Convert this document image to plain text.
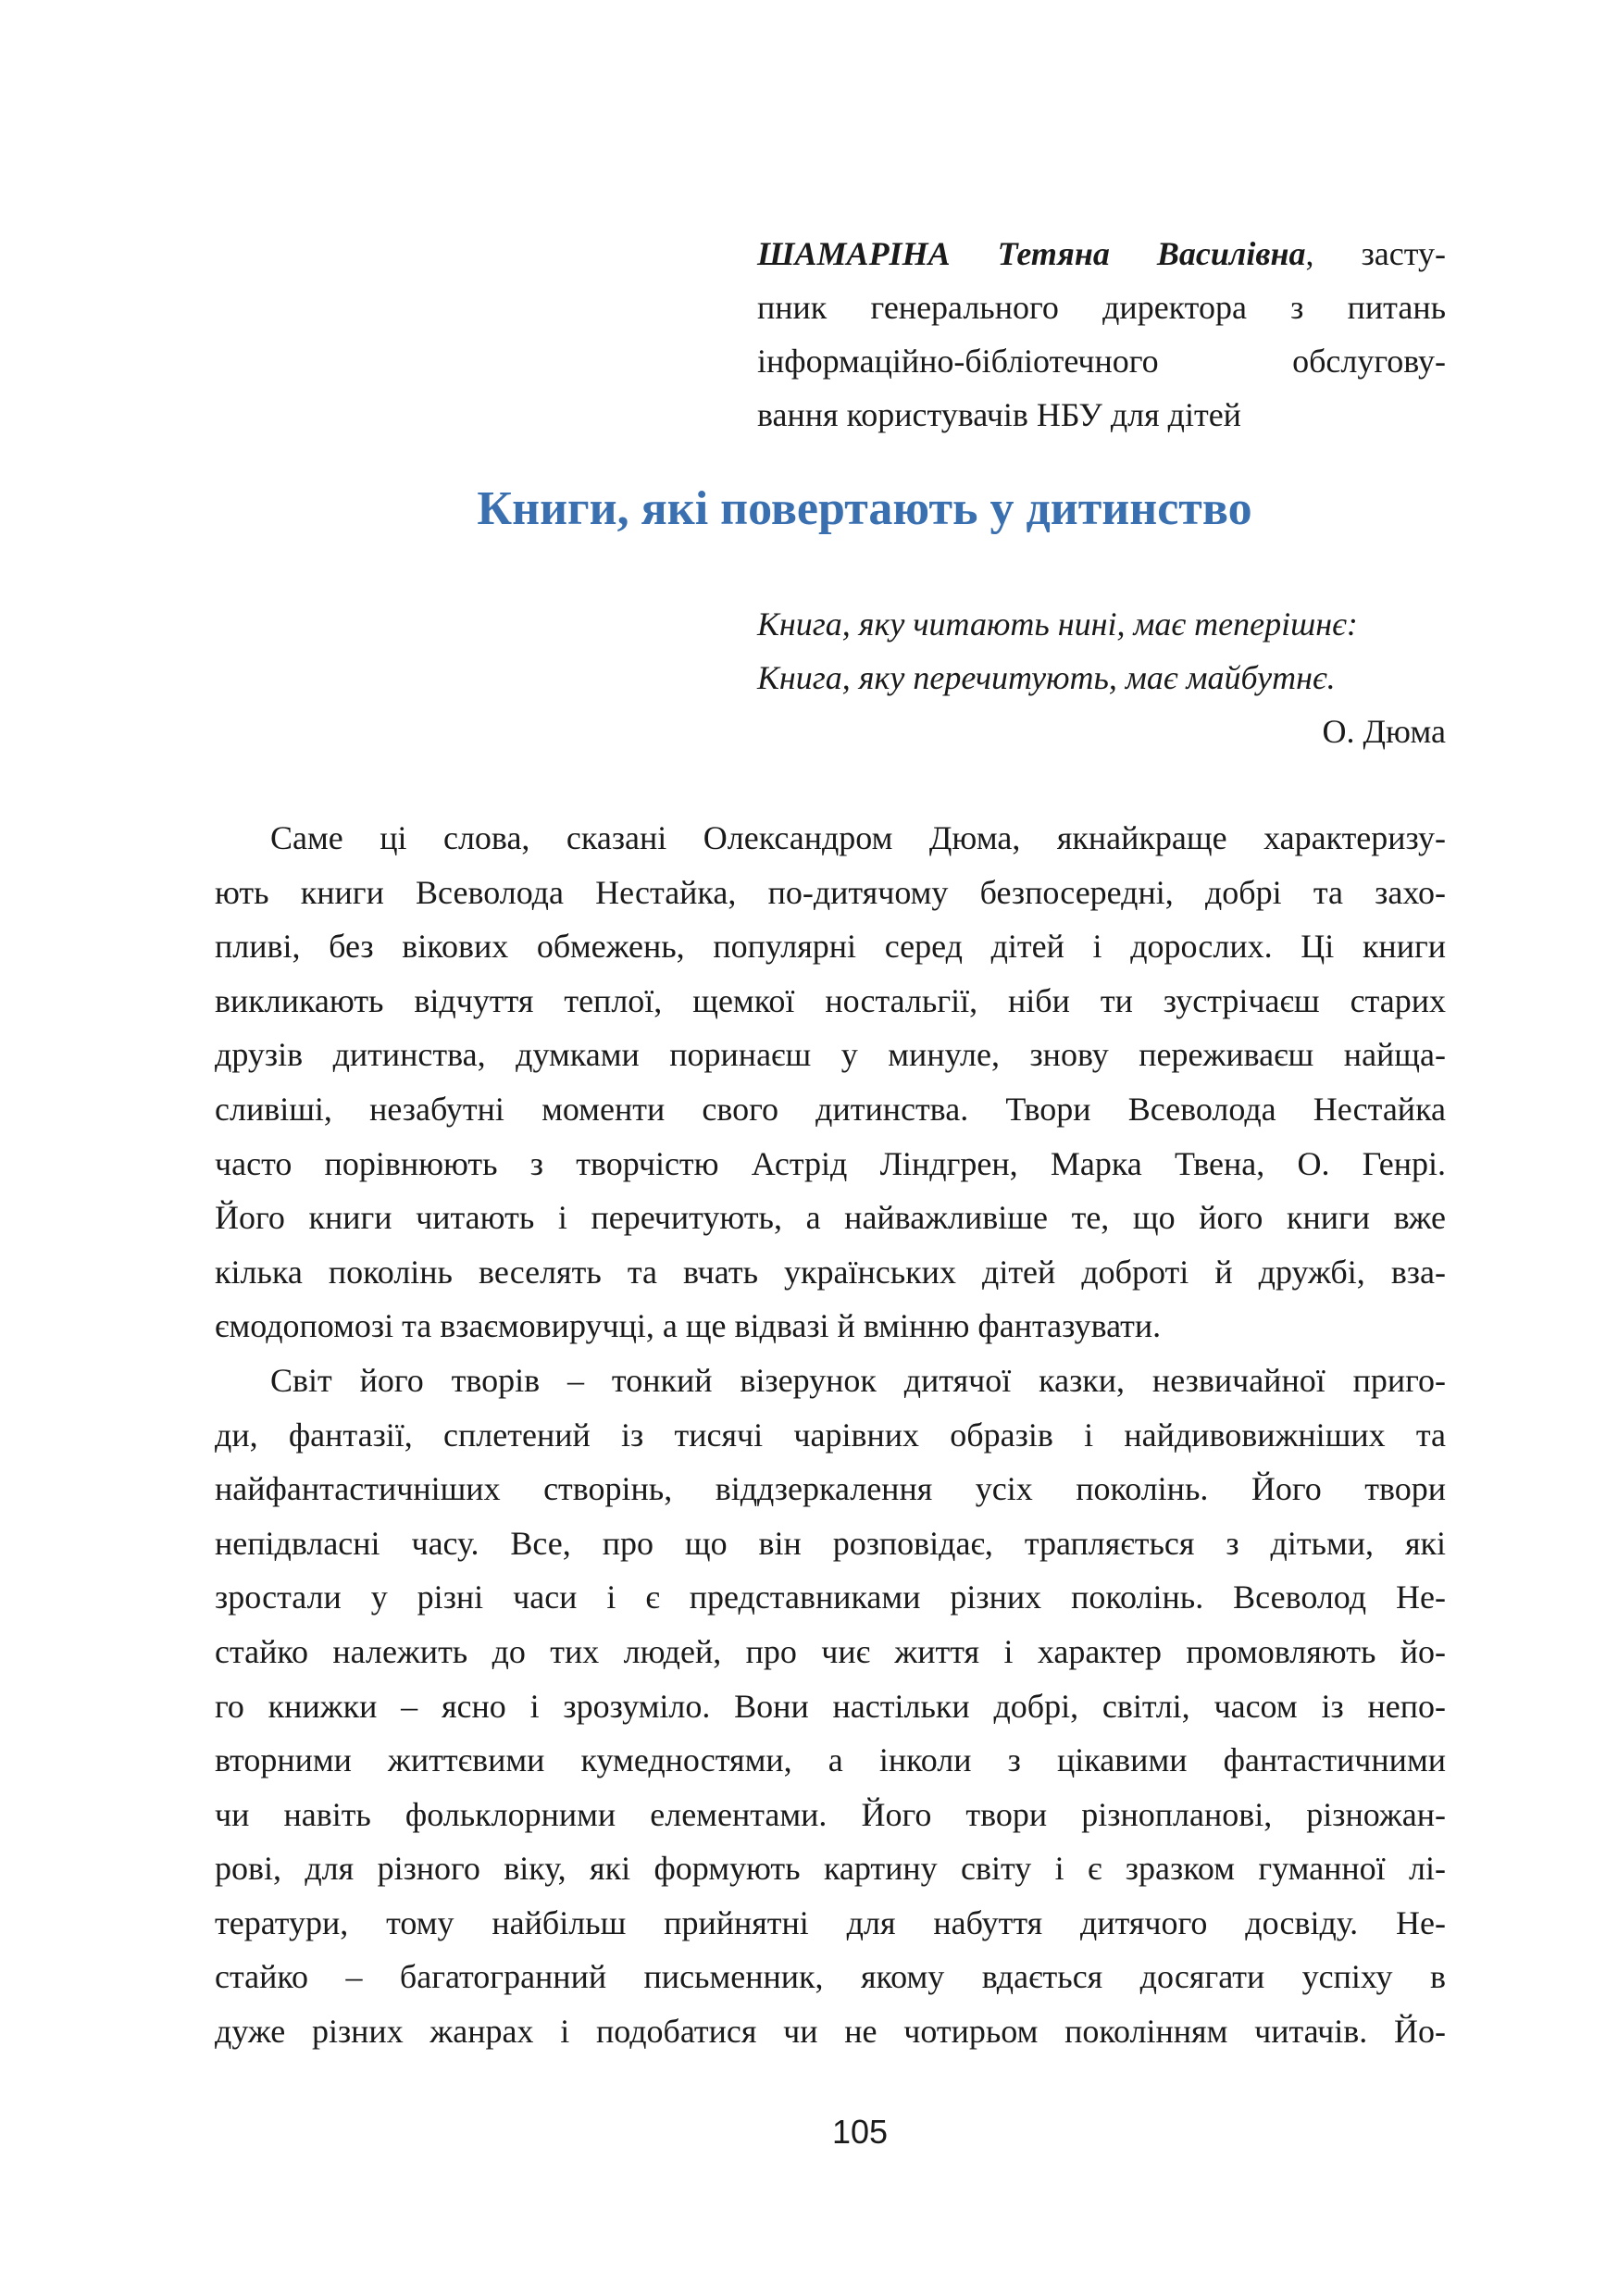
ШАМАРІНА Тетяна Василівна, засту-
пник генерального директора з питань
інформаційно-бібліотечного обслугову-
вання користувачів НБУ для дітей
Книги, які повертають у дитинство
Книга, яку читають нині, має теперішнє:
Книга, яку перечитують, має майбутнє.
О. Дюма
Саме ці слова, сказані Олександром Дюма, якнайкраще характеризу-
ють книги Всеволода Нестайка, по-дитячому безпосередні, добрі та захо-
пливі, без вікових обмежень, популярні серед дітей і дорослих. Ці книги
викликають відчуття теплої, щемкої ностальгії, ніби ти зустрічаєш старих
друзів дитинства, думками поринаєш у минуле, знову переживаєш найща-
сливіші, незабутні моменти свого дитинства. Твори Всеволода Нестайка
часто порівнюють з творчістю Астрід Ліндгрен, Марка Твена, О. Генрі.
Його книги читають і перечитують, а найважливіше те, що його книги вже
кілька поколінь веселять та вчать українських дітей доброті й дружбі, вза-
ємодопомозі та взаємовиручці, а ще відвазі й вмінню фантазувати.
Світ його творів – тонкий візерунок дитячої казки, незвичайної приго-
ди, фантазії, сплетений із тисячі чарівних образів і найдивовижніших та
найфантастичніших створінь, віддзеркалення усіх поколінь. Його твори
непідвласні часу. Все, про що він розповідає, трапляється з дітьми, які
зростали у різні часи і є представниками різних поколінь. Всеволод Не-
стайко належить до тих людей, про чиє життя і характер промовляють йо-
го книжки – ясно і зрозуміло. Вони настільки добрі, світлі, часом із непо-
вторними життєвими кумедностями, а інколи з цікавими фантастичними
чи навіть фольклорними елементами. Його твори різнопланові, різножан-
рові, для різного віку, які формують картину світу і є зразком гуманної лі-
тератури, тому найбільш прийнятні для набуття дитячого досвіду. Не-
стайко – багатогранний письменник, якому вдається досягати успіху в
дуже різних жанрах і подобатися чи не чотирьом поколінням читачів. Йо-
105
